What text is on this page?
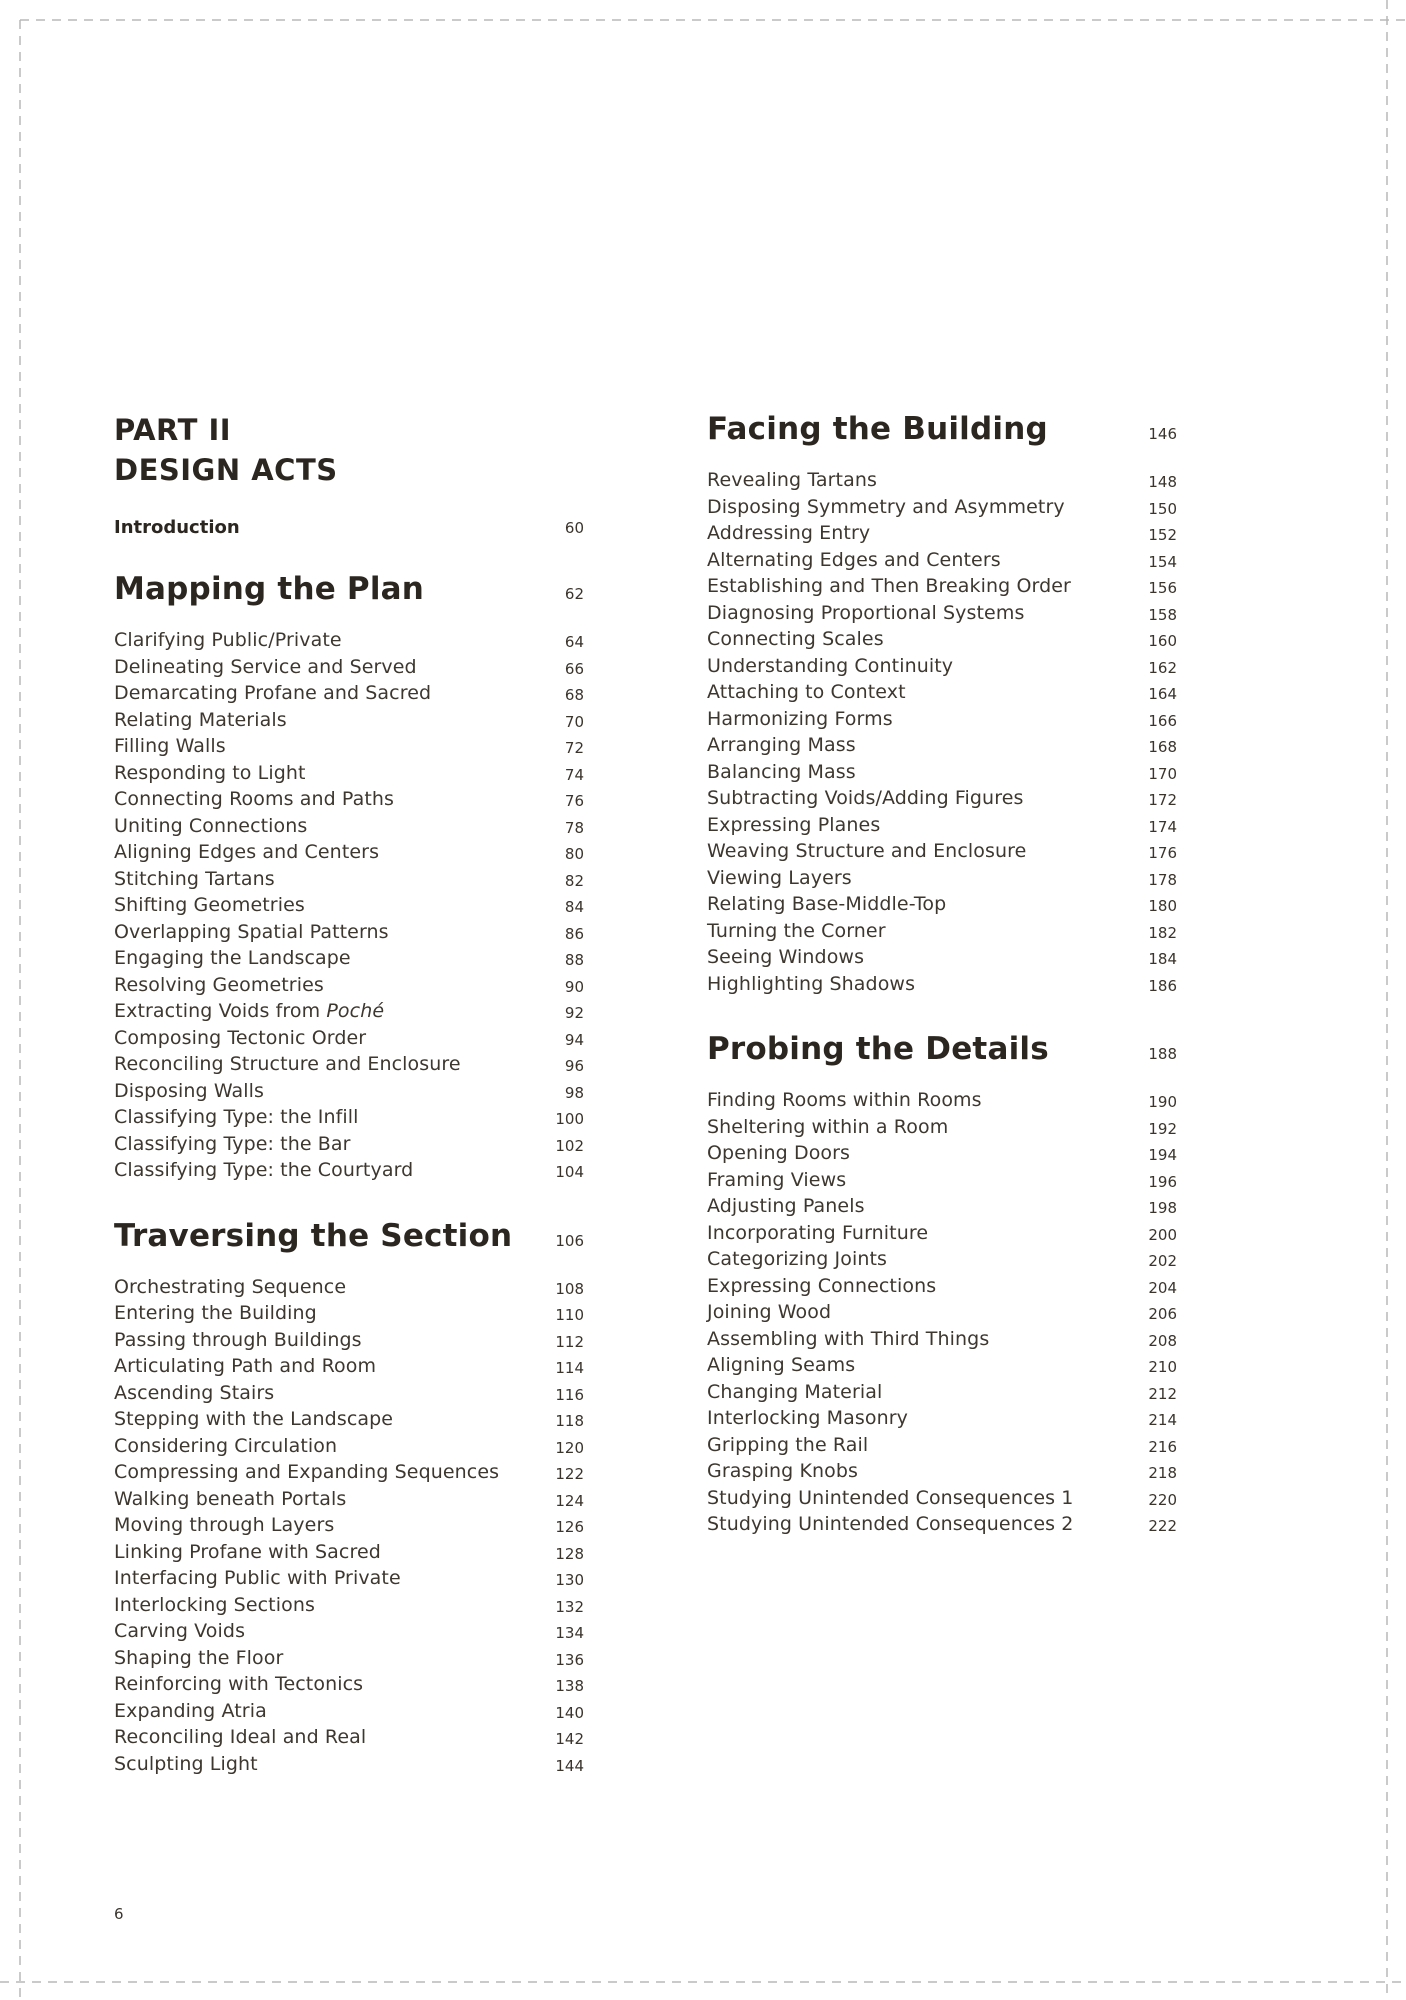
PART II
DESIGN ACTS
Introduction	60
Mapping the Plan	62
Clarifying Public/Private	64
Delineating Service and Served	66
Demarcating Profane and Sacred	68
Relating Materials	70
Filling Walls	72
Responding to Light	74
Connecting Rooms and Paths	76
Uniting Connections	78
Aligning Edges and Centers	80
Stitching Tartans	82
Shifting Geometries	84
Overlapping Spatial Patterns	86
Engaging the Landscape	88
Resolving Geometries	90
Extracting Voids from Poché	92
Composing Tectonic Order	94
Reconciling Structure and Enclosure	96
Disposing Walls	98
Classifying Type: the Infill	100
Classifying Type: the Bar	102
Classifying Type: the Courtyard	104
Traversing the Section	106
Orchestrating Sequence	108
Entering the Building	110
Passing through Buildings	112
Articulating Path and Room	114
Ascending Stairs	116
Stepping with the Landscape	118
Considering Circulation	120
Compressing and Expanding Sequences	122
Walking beneath Portals	124
Moving through Layers	126
Linking Profane with Sacred	128
Interfacing Public with Private	130
Interlocking Sections	132
Carving Voids	134
Shaping the Floor	136
Reinforcing with Tectonics	138
Expanding Atria	140
Reconciling Ideal and Real	142
Sculpting Light	144
Facing the Building	146
Revealing Tartans	148
Disposing Symmetry and Asymmetry	150
Addressing Entry	152
Alternating Edges and Centers	154
Establishing and Then Breaking Order	156
Diagnosing Proportional Systems	158
Connecting Scales	160
Understanding Continuity	162
Attaching to Context	164
Harmonizing Forms	166
Arranging Mass	168
Balancing Mass	170
Subtracting Voids/Adding Figures	172
Expressing Planes	174
Weaving Structure and Enclosure	176
Viewing Layers	178
Relating Base-Middle-Top	180
Turning the Corner	182
Seeing Windows	184
Highlighting Shadows	186
Probing the Details	188
Finding Rooms within Rooms	190
Sheltering within a Room	192
Opening Doors	194
Framing Views	196
Adjusting Panels	198
Incorporating Furniture	200
Categorizing Joints	202
Expressing Connections	204
Joining Wood	206
Assembling with Third Things	208
Aligning Seams	210
Changing Material	212
Interlocking Masonry	214
Gripping the Rail	216
Grasping Knobs	218
Studying Unintended Consequences 1	220
Studying Unintended Consequences 2	222
6
